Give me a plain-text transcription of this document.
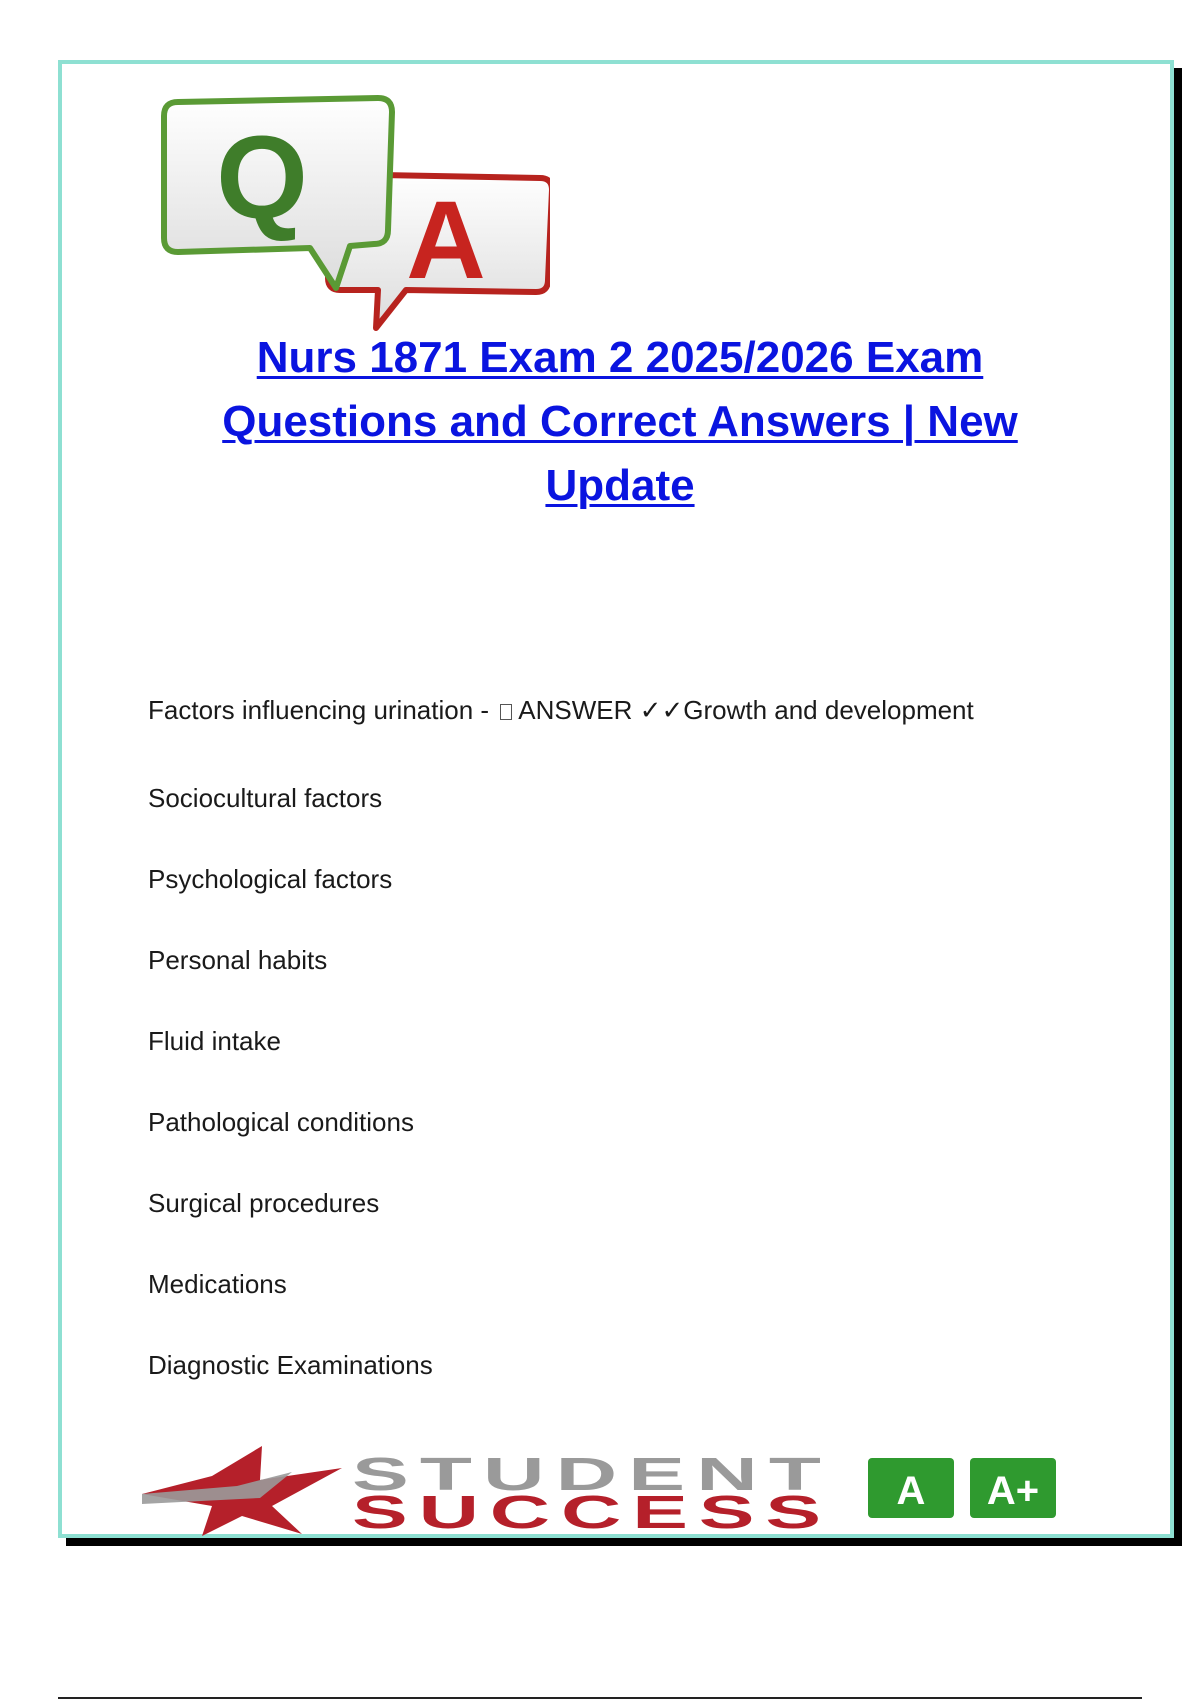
A
Q
Nurs 1871 Exam 2 2025/2026 Exam
Questions and Correct Answers | New
Update
Factors influencing urination - ANSWER ✓✓Growth and development
Sociocultural factors
Psychological factors
Personal habits
Fluid intake
Pathological conditions
Surgical procedures
Medications
Diagnostic Examinations
STUDENT
SUCCESS A A+
